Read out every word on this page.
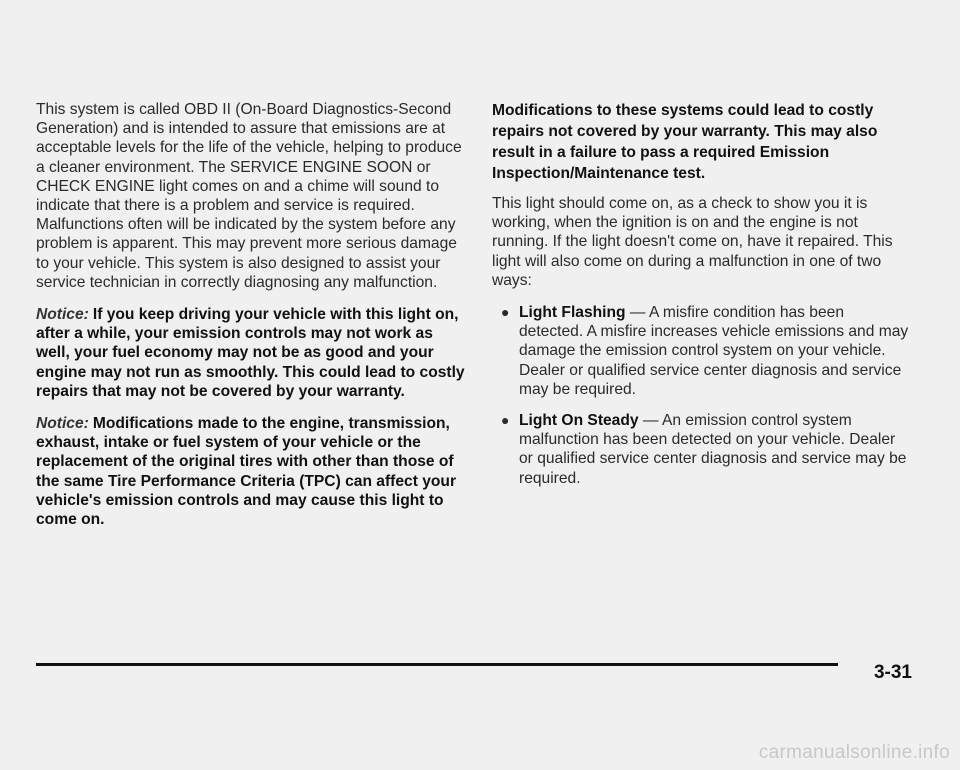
This system is called OBD II (On-Board Diagnostics-Second Generation) and is intended to assure that emissions are at acceptable levels for the life of the vehicle, helping to produce a cleaner environment. The SERVICE ENGINE SOON or CHECK ENGINE light comes on and a chime will sound to indicate that there is a problem and service is required. Malfunctions often will be indicated by the system before any problem is apparent. This may prevent more serious damage to your vehicle. This system is also designed to assist your service technician in correctly diagnosing any malfunction.

Notice: If you keep driving your vehicle with this light on, after a while, your emission controls may not work as well, your fuel economy may not be as good and your engine may not run as smoothly. This could lead to costly repairs that may not be covered by your warranty.

Notice: Modifications made to the engine, transmission, exhaust, intake or fuel system of your vehicle or the replacement of the original tires with other than those of the same Tire Performance Criteria (TPC) can affect your vehicle's emission controls and may cause this light to come on.

Modifications to these systems could lead to costly repairs not covered by your warranty. This may also result in a failure to pass a required Emission Inspection/Maintenance test.

This light should come on, as a check to show you it is working, when the ignition is on and the engine is not running. If the light doesn't come on, have it repaired. This light will also come on during a malfunction in one of two ways:

● Light Flashing — A misfire condition has been detected. A misfire increases vehicle emissions and may damage the emission control system on your vehicle. Dealer or qualified service center diagnosis and service may be required.
● Light On Steady — An emission control system malfunction has been detected on your vehicle. Dealer or qualified service center diagnosis and service may be required.
3-31
carmanualsonline.info
